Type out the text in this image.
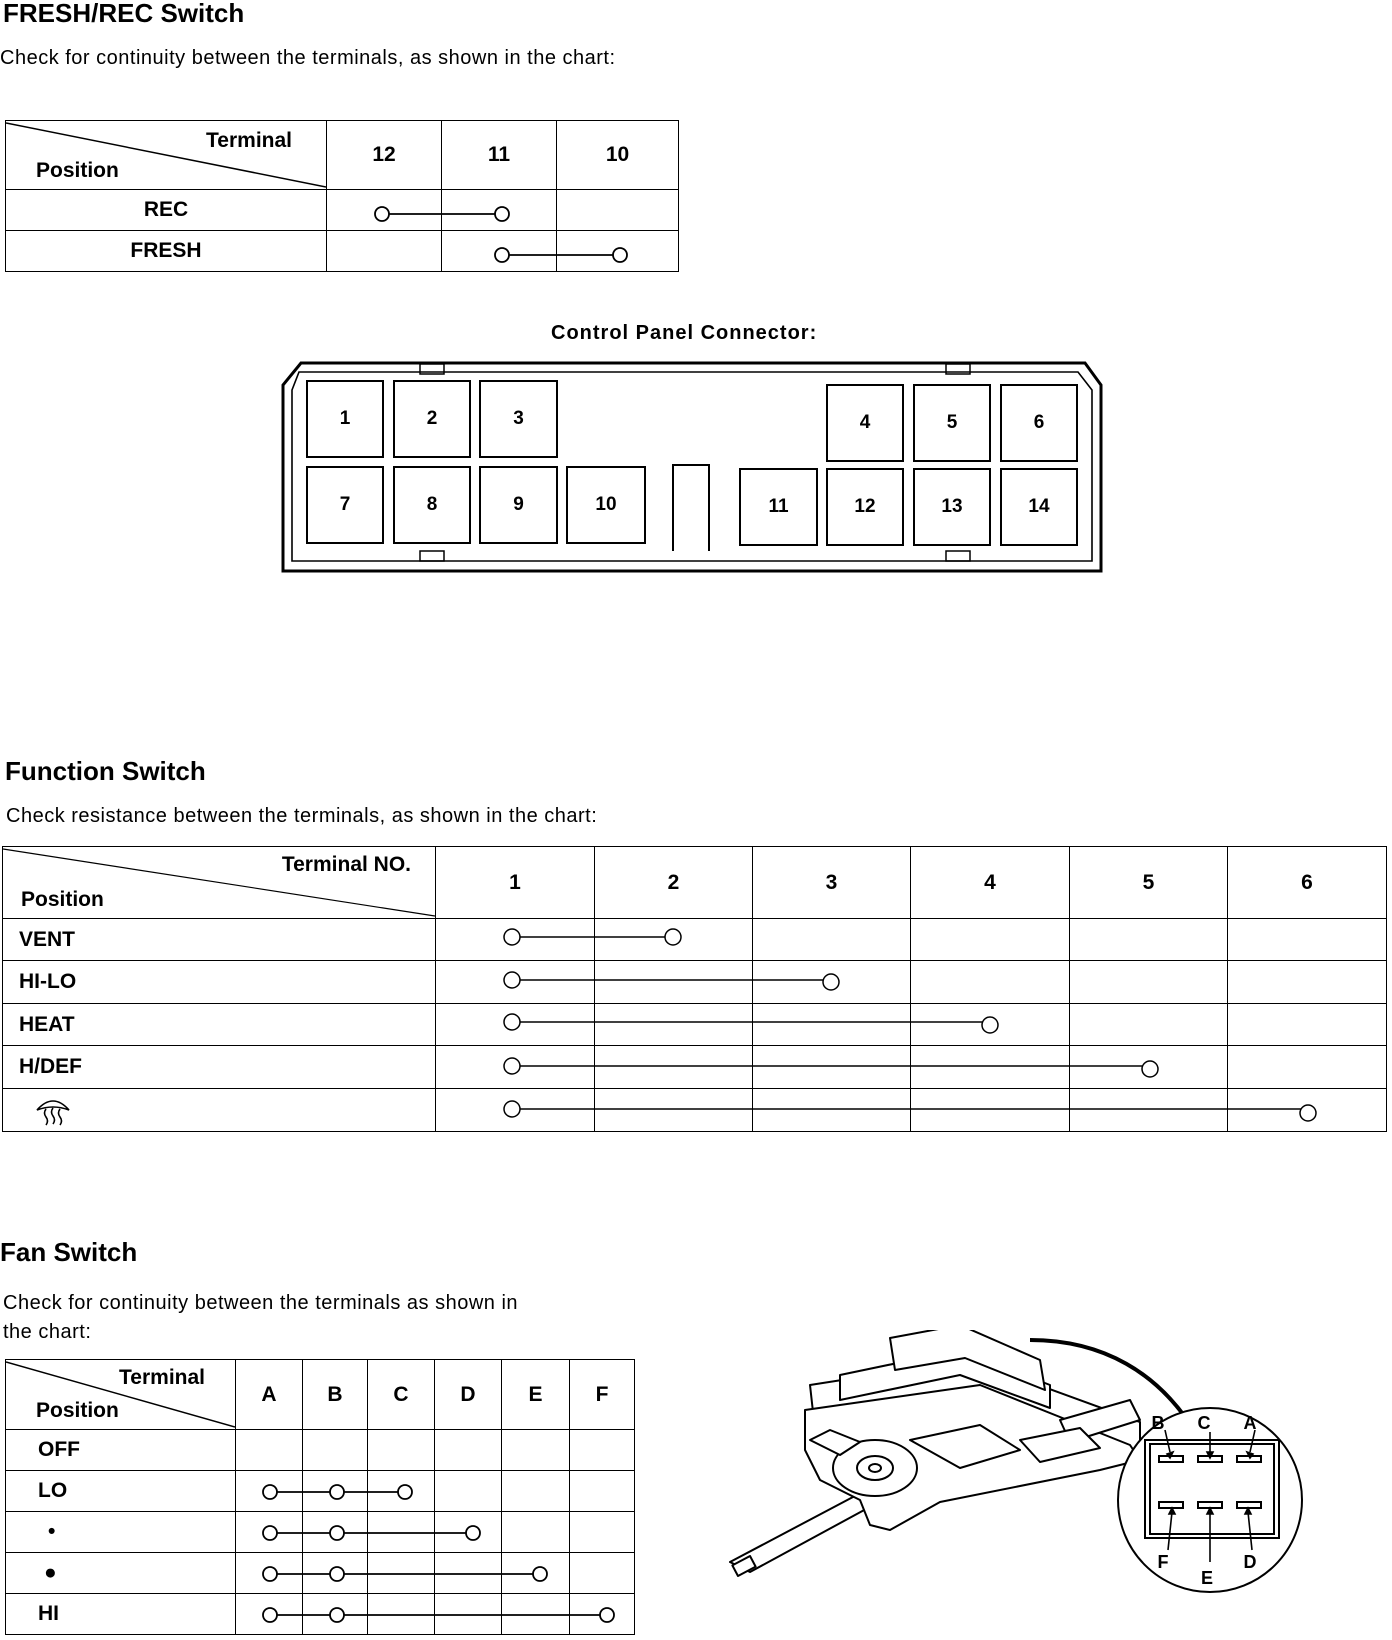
FRESH/REC Switch
Check for continuity between the terminals, as shown in the chart:
Terminal
Position	12	11	10
REC			
FRESH			
Control Panel Connector:
1	2	3	4	5	6
7	8	9	10	11	12	13	14
Function Switch
Check resistance between the terminals, as shown in the chart:
Terminal NO.
Position	1	2	3	4	5	6
VENT						
HI-LO						
HEAT						
H/DEF						

Fan Switch
Check for continuity between the terminals as shown in
the chart:
Terminal
Position	A	B	C	D	E	F
OFF						
LO						
•						
●						
HI						
B C A
F
E
D
